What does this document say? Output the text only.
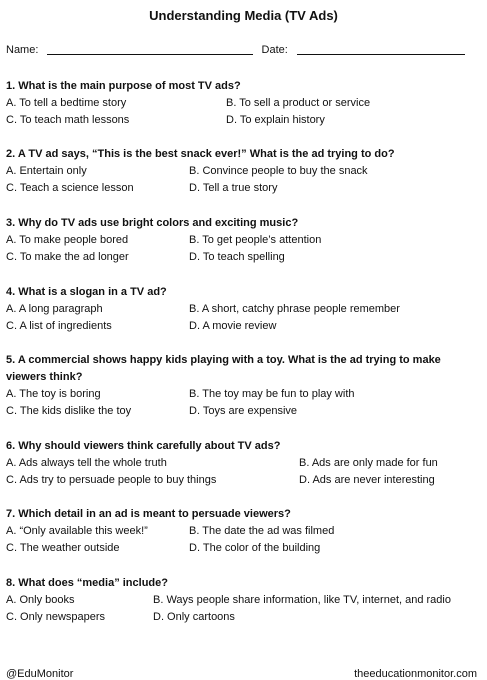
Understanding Media (TV Ads)
Name:	Date:
1. What is the main purpose of most TV ads?
A. To tell a bedtime story	B. To sell a product or service
C. To teach math lessons	D. To explain history
2. A TV ad says, “This is the best snack ever!” What is the ad trying to do?
A. Entertain only	B. Convince people to buy the snack
C. Teach a science lesson	D. Tell a true story
3. Why do TV ads use bright colors and exciting music?
A. To make people bored	B. To get people’s attention
C. To make the ad longer	D. To teach spelling
4. What is a slogan in a TV ad?
A. A long paragraph	B. A short, catchy phrase people remember
C. A list of ingredients	D. A movie review
5. A commercial shows happy kids playing with a toy. What is the ad trying to make viewers think?
A. The toy is boring	B. The toy may be fun to play with
C. The kids dislike the toy	D. Toys are expensive
6. Why should viewers think carefully about TV ads?
A. Ads always tell the whole truth	B. Ads are only made for fun
C. Ads try to persuade people to buy things	D. Ads are never interesting
7. Which detail in an ad is meant to persuade viewers?
A. “Only available this week!”	B. The date the ad was filmed
C. The weather outside	D. The color of the building
8. What does “media” include?
A. Only books	B. Ways people share information, like TV, internet, and radio
C. Only newspapers	D. Only cartoons
@EduMonitor	theeducationmonitor.com
